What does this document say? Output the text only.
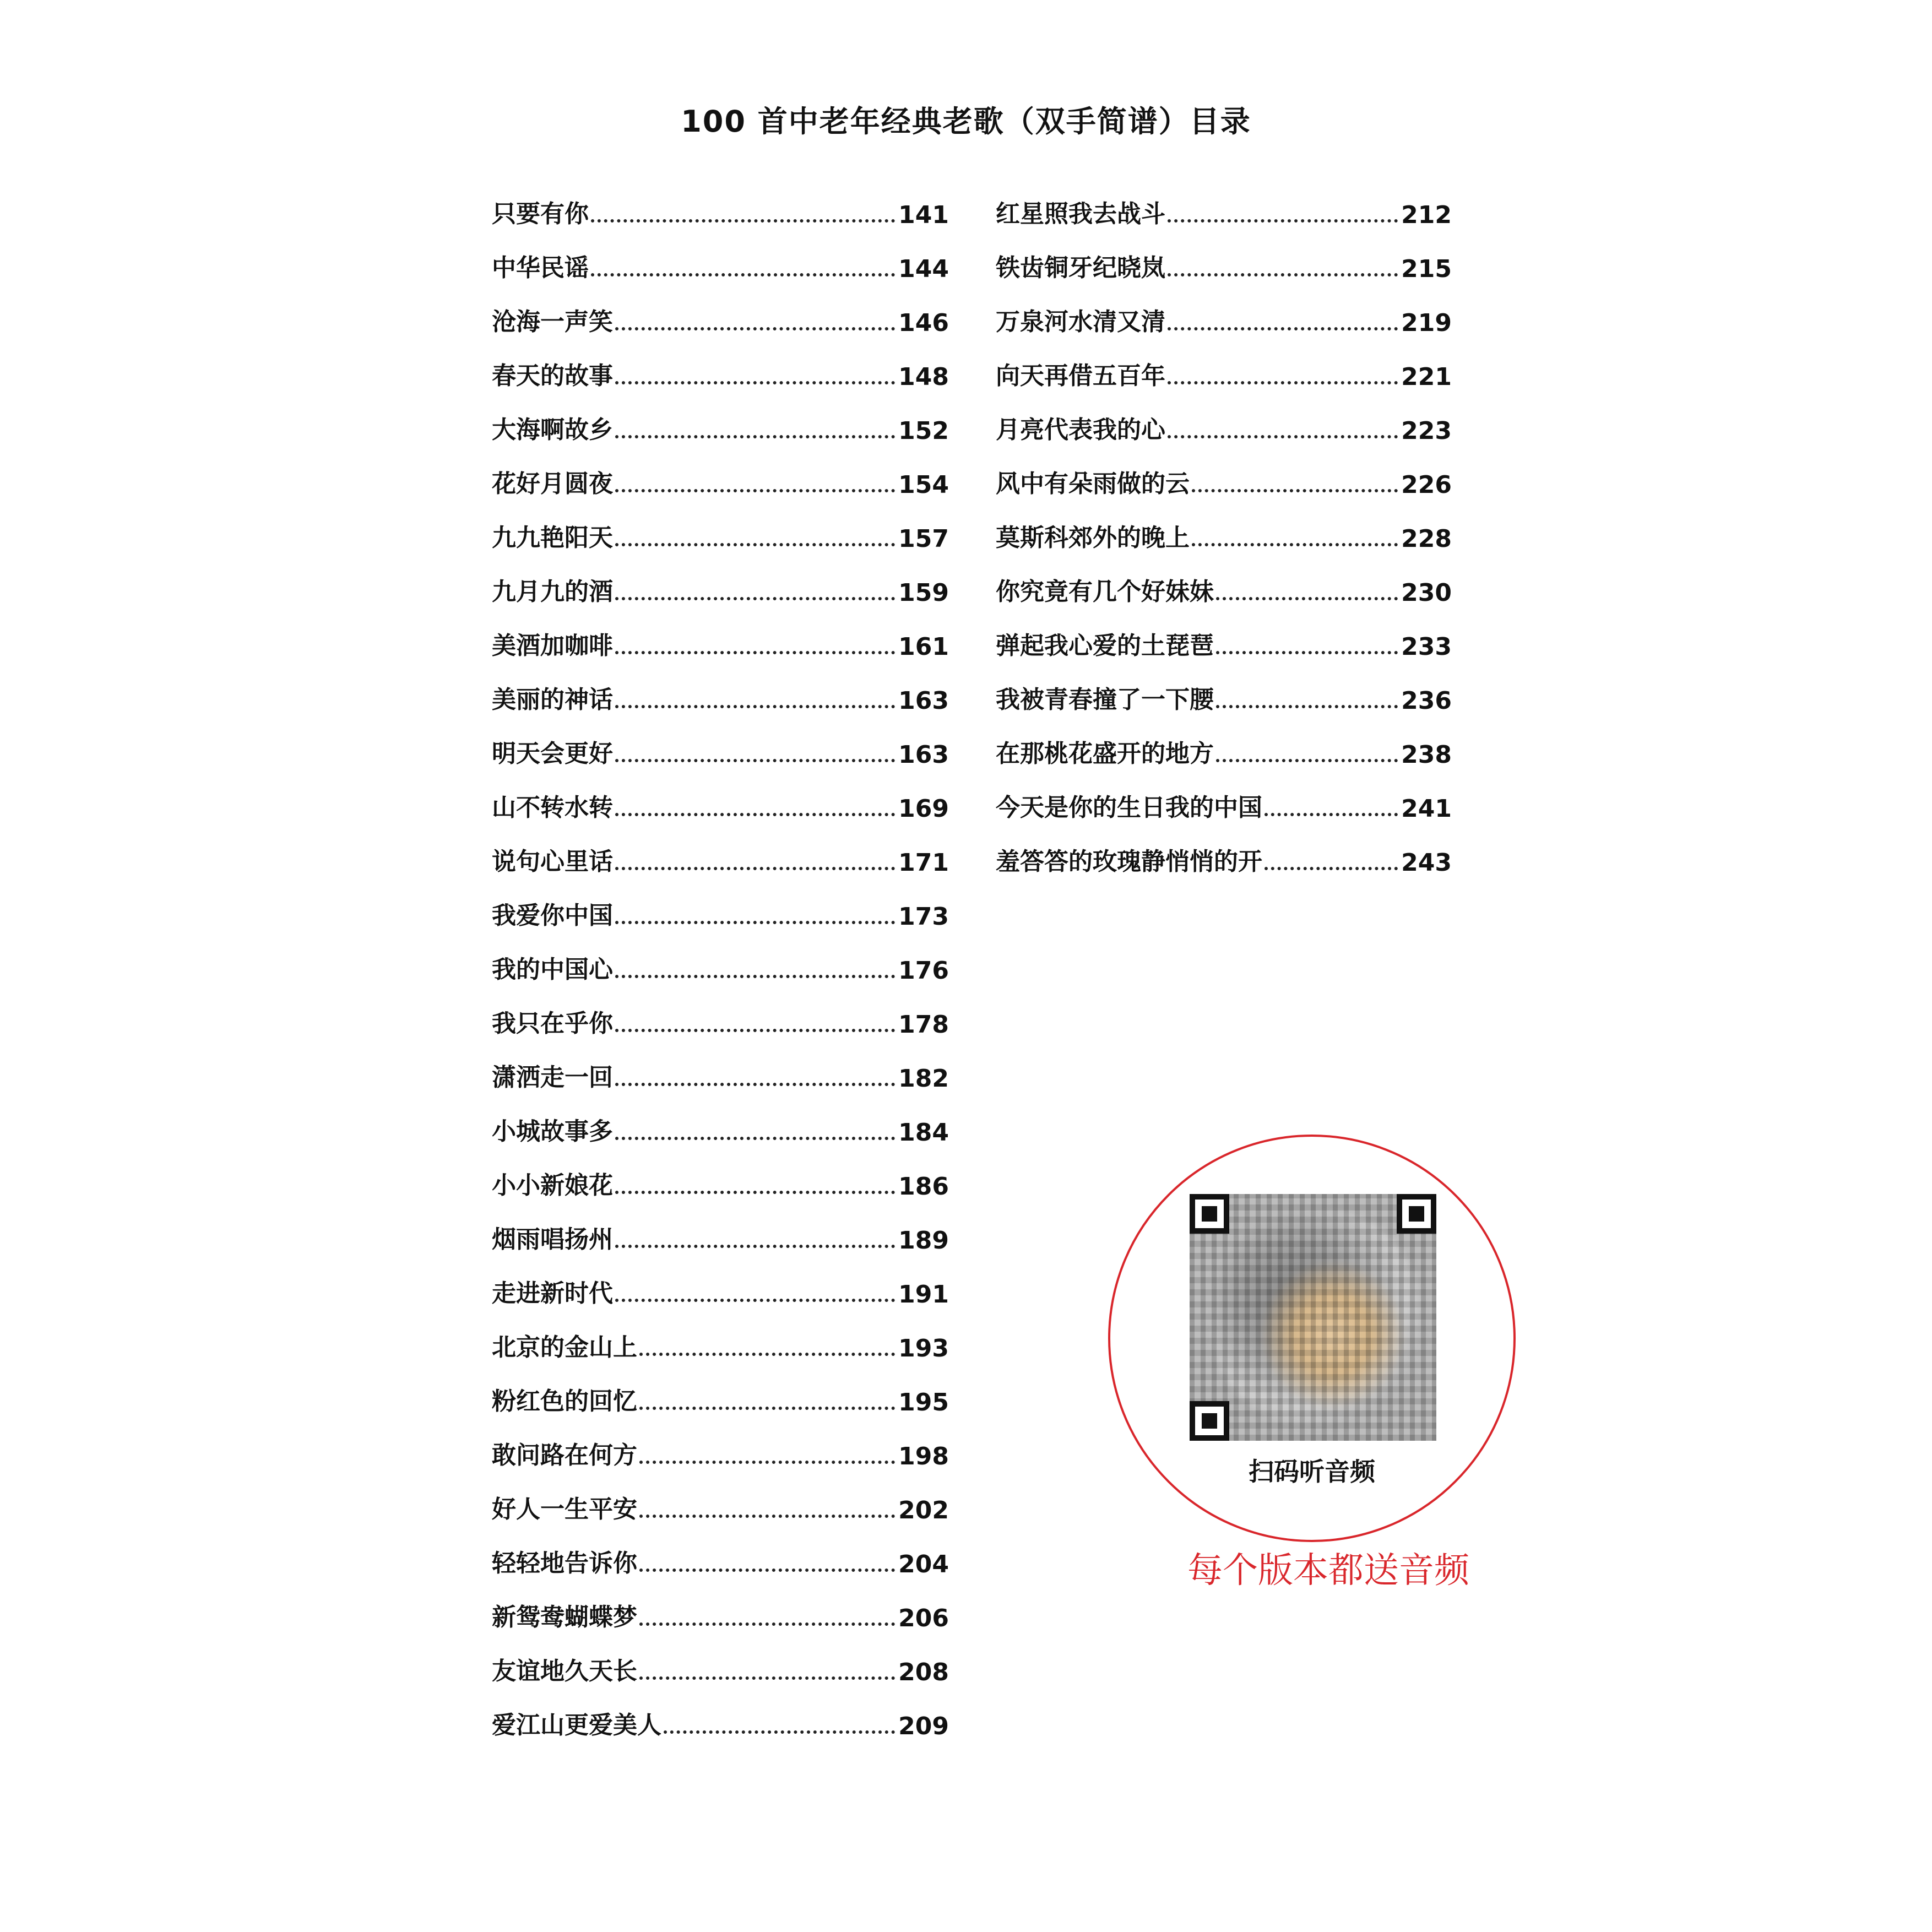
100 首中老年经典老歌（双手简谱）目录
只要有你	141
中华民谣	144
沧海一声笑	146
春天的故事	148
大海啊故乡	152
花好月圆夜	154
九九艳阳天	157
九月九的酒	159
美酒加咖啡	161
美丽的神话	163
明天会更好	163
山不转水转	169
说句心里话	171
我爱你中国	173
我的中国心	176
我只在乎你	178
潇洒走一回	182
小城故事多	184
小小新娘花	186
烟雨唱扬州	189
走进新时代	191
北京的金山上	193
粉红色的回忆	195
敢问路在何方	198
好人一生平安	202
轻轻地告诉你	204
新鸳鸯蝴蝶梦	206
友谊地久天长	208
爱江山更爱美人	209
红星照我去战斗	212
铁齿铜牙纪晓岚	215
万泉河水清又清	219
向天再借五百年	221
月亮代表我的心	223
风中有朵雨做的云	226
莫斯科郊外的晚上	228
你究竟有几个好妹妹	230
弹起我心爱的土琵琶	233
我被青春撞了一下腰	236
在那桃花盛开的地方	238
今天是你的生日我的中国	241
羞答答的玫瑰静悄悄的开	243
扫码听音频
每个版本都送音频
